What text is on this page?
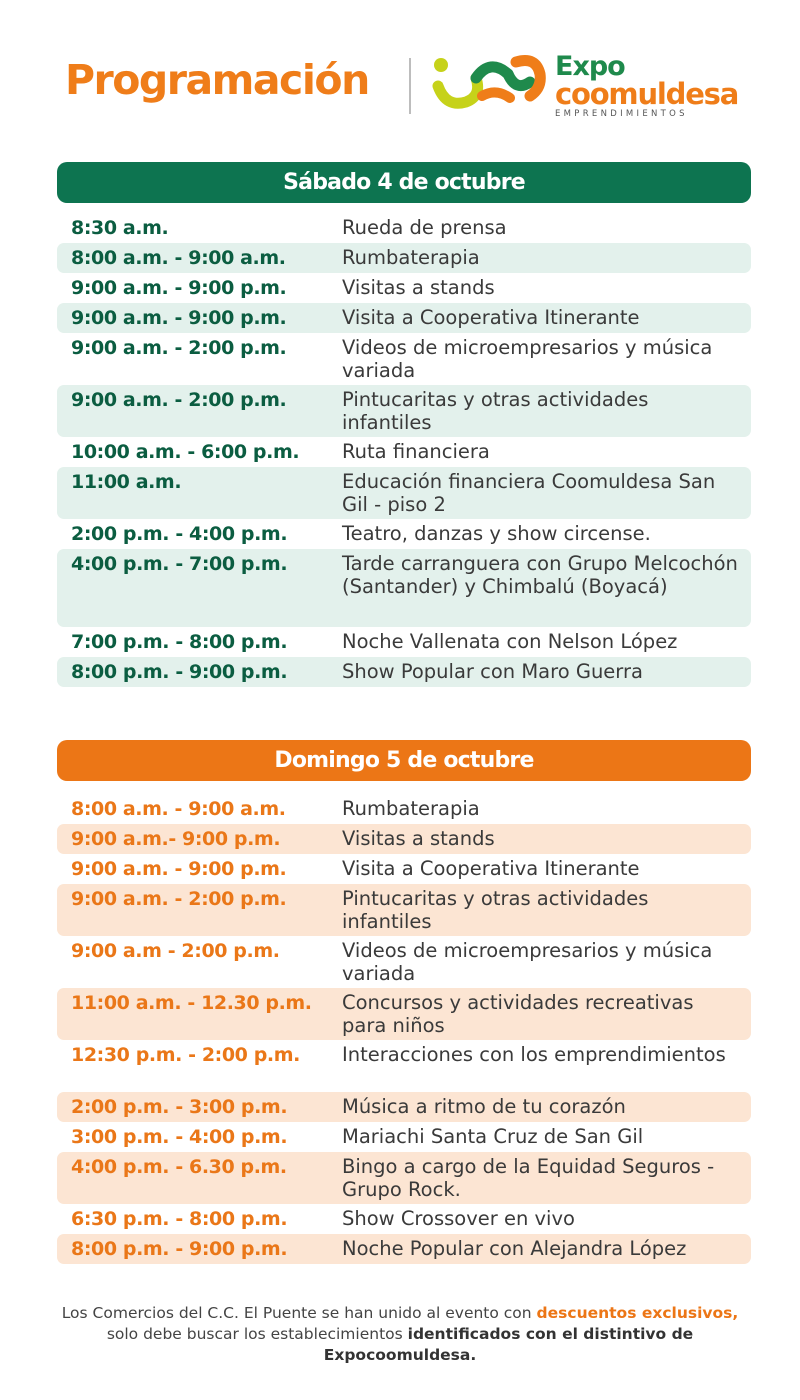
Programación	Expo
coomuldesa
EMPRENDIMIENTOS
Sábado 4 de octubre
8:30 a.m.	Rueda de prensa
8:00 a.m. - 9:00 a.m.	Rumbaterapia
9:00 a.m. - 9:00 p.m.	Visitas a stands
9:00 a.m. - 9:00 p.m.	Visita a Cooperativa Itinerante
9:00 a.m. - 2:00 p.m.	Videos de microempresarios y música variada
9:00 a.m. - 2:00 p.m.	Pintucaritas y otras actividades infantiles
10:00 a.m. - 6:00 p.m. Ruta financiera
11:00 a.m.	Educación financiera Coomuldesa San Gil - piso 2
2:00 p.m. - 4:00 p.m.	Teatro, danzas y show circense.
4:00 p.m. - 7:00 p.m.	Tarde carranguera con Grupo Melcochón (Santander) y Chimbalú (Boyacá)
7:00 p.m. - 8:00 p.m.	Noche Vallenata con Nelson López
8:00 p.m. - 9:00 p.m.	Show Popular con Maro Guerra
Domingo 5 de octubre
8:00 a.m. - 9:00 a.m.	Rumbaterapia
9:00 a.m.- 9:00 p.m.	Visitas a stands
9:00 a.m. - 9:00 p.m.	Visita a Cooperativa Itinerante
9:00 a.m. - 2:00 p.m.	Pintucaritas y otras actividades infantiles
9:00 a.m - 2:00 p.m.	Videos de microempresarios y música variada
11:00 a.m. - 12.30 p.m. Concursos y actividades recreativas para niños
12:30 p.m. - 2:00 p.m. Interacciones con los emprendimientos
2:00 p.m. - 3:00 p.m.	Música a ritmo de tu corazón
3:00 p.m. - 4:00 p.m.	Mariachi Santa Cruz de San Gil
4:00 p.m. - 6.30 p.m.	Bingo a cargo de la Equidad Seguros - Grupo Rock.
6:30 p.m. - 8:00 p.m.	Show Crossover en vivo
8:00 p.m. - 9:00 p.m.	Noche Popular con Alejandra López
Los Comercios del C.C. El Puente se han unido al evento con descuentos exclusivos, solo debe buscar los establecimientos identificados con el distintivo de Expocoomuldesa.
